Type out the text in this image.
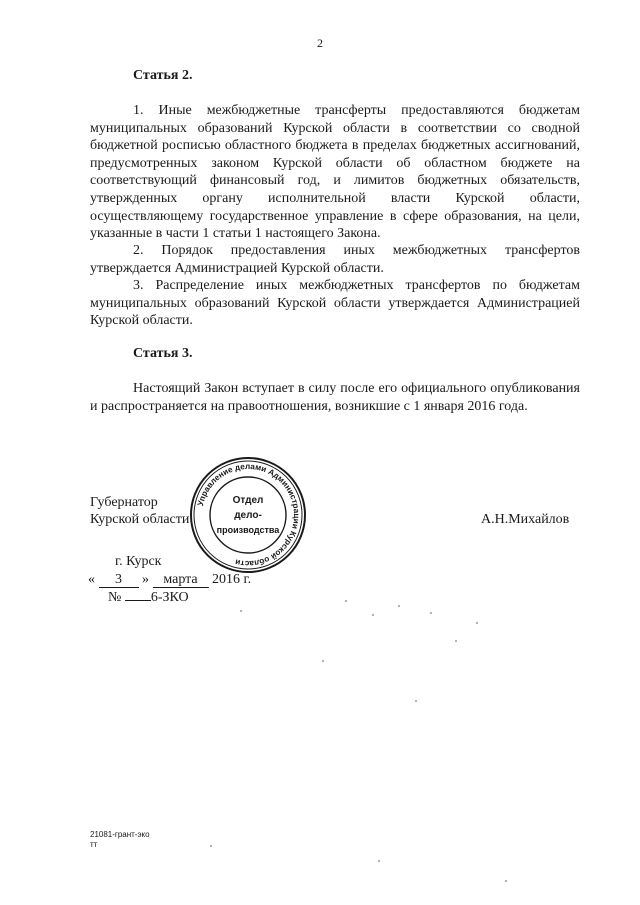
2
Статья 2.

1. Иные межбюджетные трансферты предоставляются бюджетам муниципальных образований Курской области в соответствии со сводной бюджетной росписью областного бюджета в пределах бюджетных ассигнований, предусмотренных законом Курской области об областном бюджете на соответствующий финансовый год, и лимитов бюджетных обязательств, утвержденных органу исполнительной власти Курской области, осуществляющему государственное управление в сфере образования, на цели, указанные в части 1 статьи 1 настоящего Закона.

2. Порядок предоставления иных межбюджетных трансфертов утверждается Администрацией Курской области.

3. Распределение иных межбюджетных трансфертов по бюджетам муниципальных образований Курской области утверждается Администрацией Курской области.

Статья 3.

Настоящий Закон вступает в силу после его официального опубликования и распространяется на правоотношения, возникшие с 1 января 2016 года.

Губернатор
Курской области	А.Н.Михайлов
г. Курск
« 3 » марта 2016 г.
№ 6-ЗКО
Управление делами Администрации Курской области
Отдел
дело-
производства
21081-грант-эко
тт
